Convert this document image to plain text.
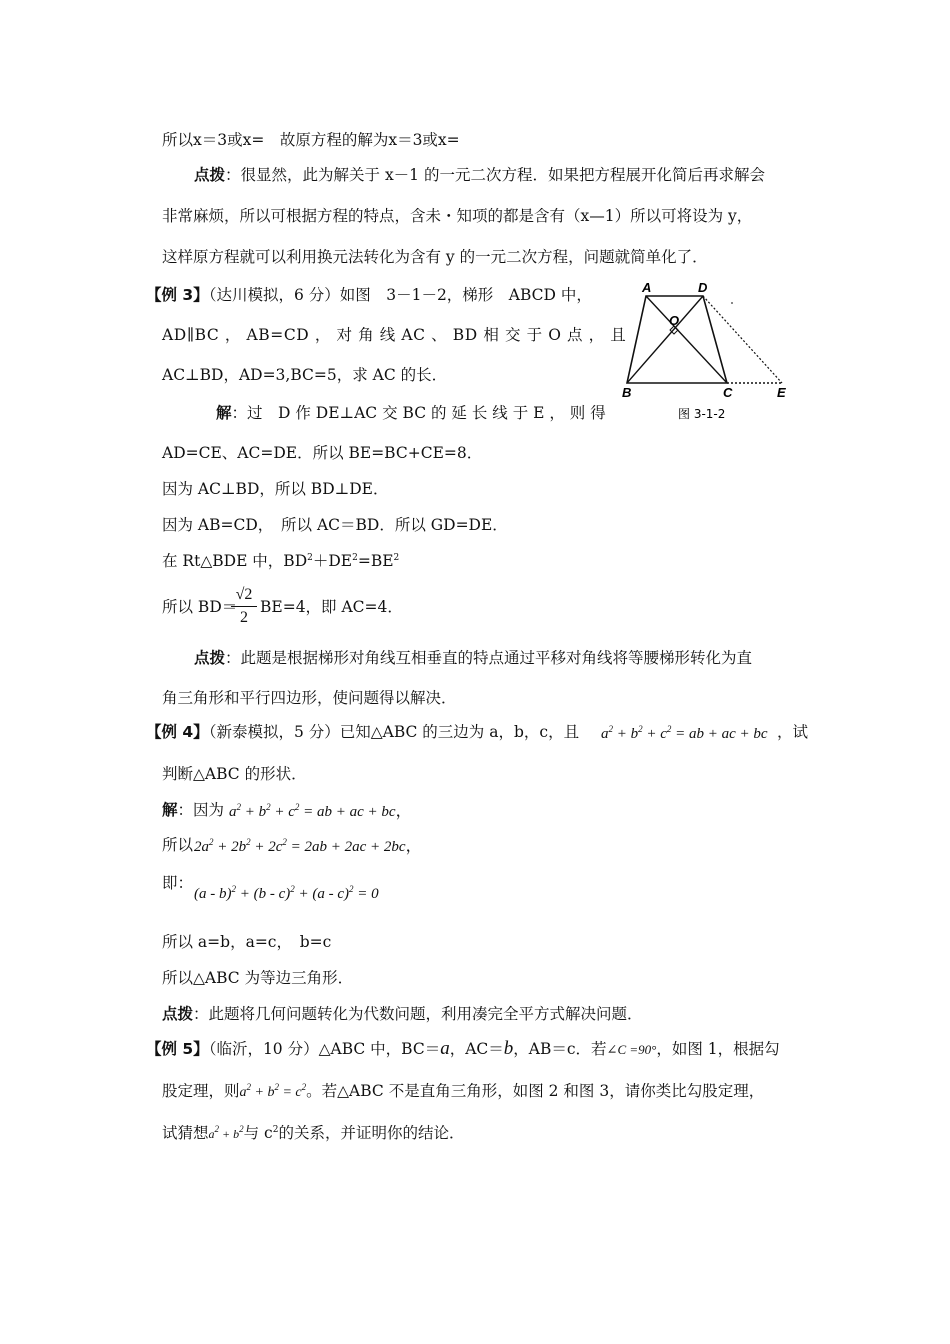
所以x＝3或x=　故原方程的解为x＝3或x=
点拨：很显然，此为解关于 x－1 的一元二次方程．如果把方程展开化简后再求解会
非常麻烦，所以可根据方程的特点，含未・知项的都是含有（x—1）所以可将设为 y，
这样原方程就可以利用换元法转化为含有 y 的一元二次方程，问题就简单化了．
【例 3】（达川模拟，6 分）如图　3－1－2，梯形　ABCD 中，
AD∥BC ， AB=CD ， 对 角 线 AC 、 BD 相 交 于 O 点 ， 且
AC⊥BD，AD=3,BC=5，求 AC 的长．
解：过　D 作 DE⊥AC 交 BC 的 延 长 线 于 E ， 则 得
AD=CE、AC=DE．所以 BE=BC+CE=8．
因为 AC⊥BD，所以 BD⊥DE．
因为 AB=CD，　所以 AC＝BD．所以 GD=DE．
在 Rt△BDE 中，$BD^2+DE^2=BE^2$
所以 BD＝
√2
2
BE=4，即 AC=4．
点拨：此题是根据梯形对角线互相垂直的特点通过平移对角线将等腰梯形转化为直
角三角形和平行四边形，使问题得以解决．
A	D
O
B	C	E
图 3-1-2
【例 4】（新泰模拟，5 分）已知△ABC 的三边为 a，b，c，且 $a^2 + b^2 + c^2$ = ab + ac + bc ，试
判断△ABC 的形状．
解：因为 $a^2 + b^2 + c^2$ = ab + ac + bc，
所以 $2a^2 + 2b^2 + 2c^2 = 2ab + 2ac + 2bc$，
即：
(a - b)$^2$ + (b - c)$^2$ + (a - c)$^2$ = 0
所以 a=b，a=c，　b=c
所以△ABC 为等边三角形．
点拨：此题将几何问题转化为代数问题，利用凑完全平方式解决问题．
【例 5】（临沂，10 分）△ABC 中，BC＝a，AC＝b，AB＝c．若∠C =90°，如图 1，根据勾
股定理，则$a^2 + b^2 = c^2$。若△ABC 不是直角三角形，如图 2 和图 3，请你类比勾股定理，
试猜想$a^2 + b^2$与 $c^2$的关系，并证明你的结论．
